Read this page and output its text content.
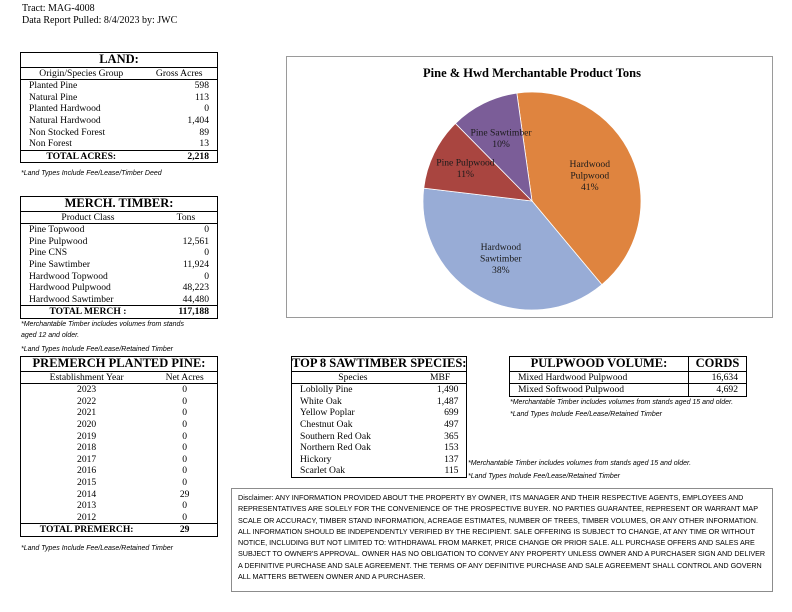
Tract: MAG-4008
Data Report Pulled: 8/4/2023 by: JWC
LAND:	
Origin/Species Group	Gross Acres
Planted Pine	598
Natural Pine	113
Planted Hardwood	0
Natural Hardwood	1,404
Non Stocked Forest	89
Non Forest	13
TOTAL ACRES:	2,218
*Land Types Include Fee/Lease/Timber Deed
MERCH. TIMBER:	
Product Class	Tons
Pine Topwood	0
Pine Pulpwood	12,561
Pine CNS	0
Pine Sawtimber	11,924
Hardwood Topwood	0
Hardwood Pulpwood	48,223
Hardwood Sawtimber	44,480
TOTAL MERCH :	117,188
*Merchantable Timber includes volumes from stands
aged 12 and older.
*Land Types Include Fee/Lease/Retained Timber
PREMERCH PLANTED PINE:	
Establishment Year	Net Acres
2023	0
2022	0
2021	0
2020	0
2019	0
2018	0
2017	0
2016	0
2015	0
2014	29
2013	0
2012	0
TOTAL PREMERCH:	29
*Land Types Include Fee/Lease/Retained Timber
Pine & Hwd Merchantable Product Tons
Hardwood
Pulpwood
41%
Hardwood
Sawtimber
38%
Pine Pulpwood
11%
Pine Sawtimber
10%
TOP 8 SAWTIMBER SPECIES:	
Species	MBF
Loblolly Pine	1,490
White Oak	1,487
Yellow Poplar	699
Chestnut Oak	497
Southern Red Oak	365
Northern Red Oak	153
Hickory	137
Scarlet Oak	115
*Merchantable Timber includes volumes from stands aged 15 and older.
*Land Types Include Fee/Lease/Retained Timber
PULPWOOD VOLUME:	CORDS
Mixed Hardwood Pulpwood	16,634
Mixed Softwood Pulpwood	4,692
*Merchantable Timber includes volumes from stands aged 15 and older.
*Land Types Include Fee/Lease/Retained Timber
Disclaimer: ANY INFORMATION PROVIDED ABOUT THE PROPERTY BY OWNER, ITS MANAGER AND THEIR RESPECTIVE AGENTS, EMPLOYEES AND REPRESENTATIVES ARE SOLELY FOR THE CONVENIENCE OF THE PROSPECTIVE BUYER. NO PARTIES GUARANTEE, REPRESENT OR WARRANT MAP SCALE OR ACCURACY, TIMBER STAND INFORMATION, ACREAGE ESTIMATES, NUMBER OF TREES, TIMBER VOLUMES, OR ANY OTHER INFORMATION. ALL INFORMATION SHOULD BE INDEPENDENTLY VERIFIED BY THE RECIPIENT. SALE OFFERING IS SUBJECT TO CHANGE, AT ANY TIME OR WITHOUT NOTICE, INCLUDING BUT NOT LIMITED TO: WITHDRAWAL FROM MARKET, PRICE CHANGE OR PRIOR SALE. ALL PURCHASE OFFERS AND SALES ARE SUBJECT TO OWNER'S APPROVAL. OWNER HAS NO OBLIGATION TO CONVEY ANY PROPERTY UNLESS OWNER AND A PURCHASER SIGN AND DELIVER A DEFINITIVE PURCHASE AND SALE AGREEMENT. THE TERMS OF ANY DEFINITIVE PURCHASE AND SALE AGREEMENT SHALL CONTROL AND GOVERN ALL MATTERS BETWEEN OWNER AND A PURCHASER.
